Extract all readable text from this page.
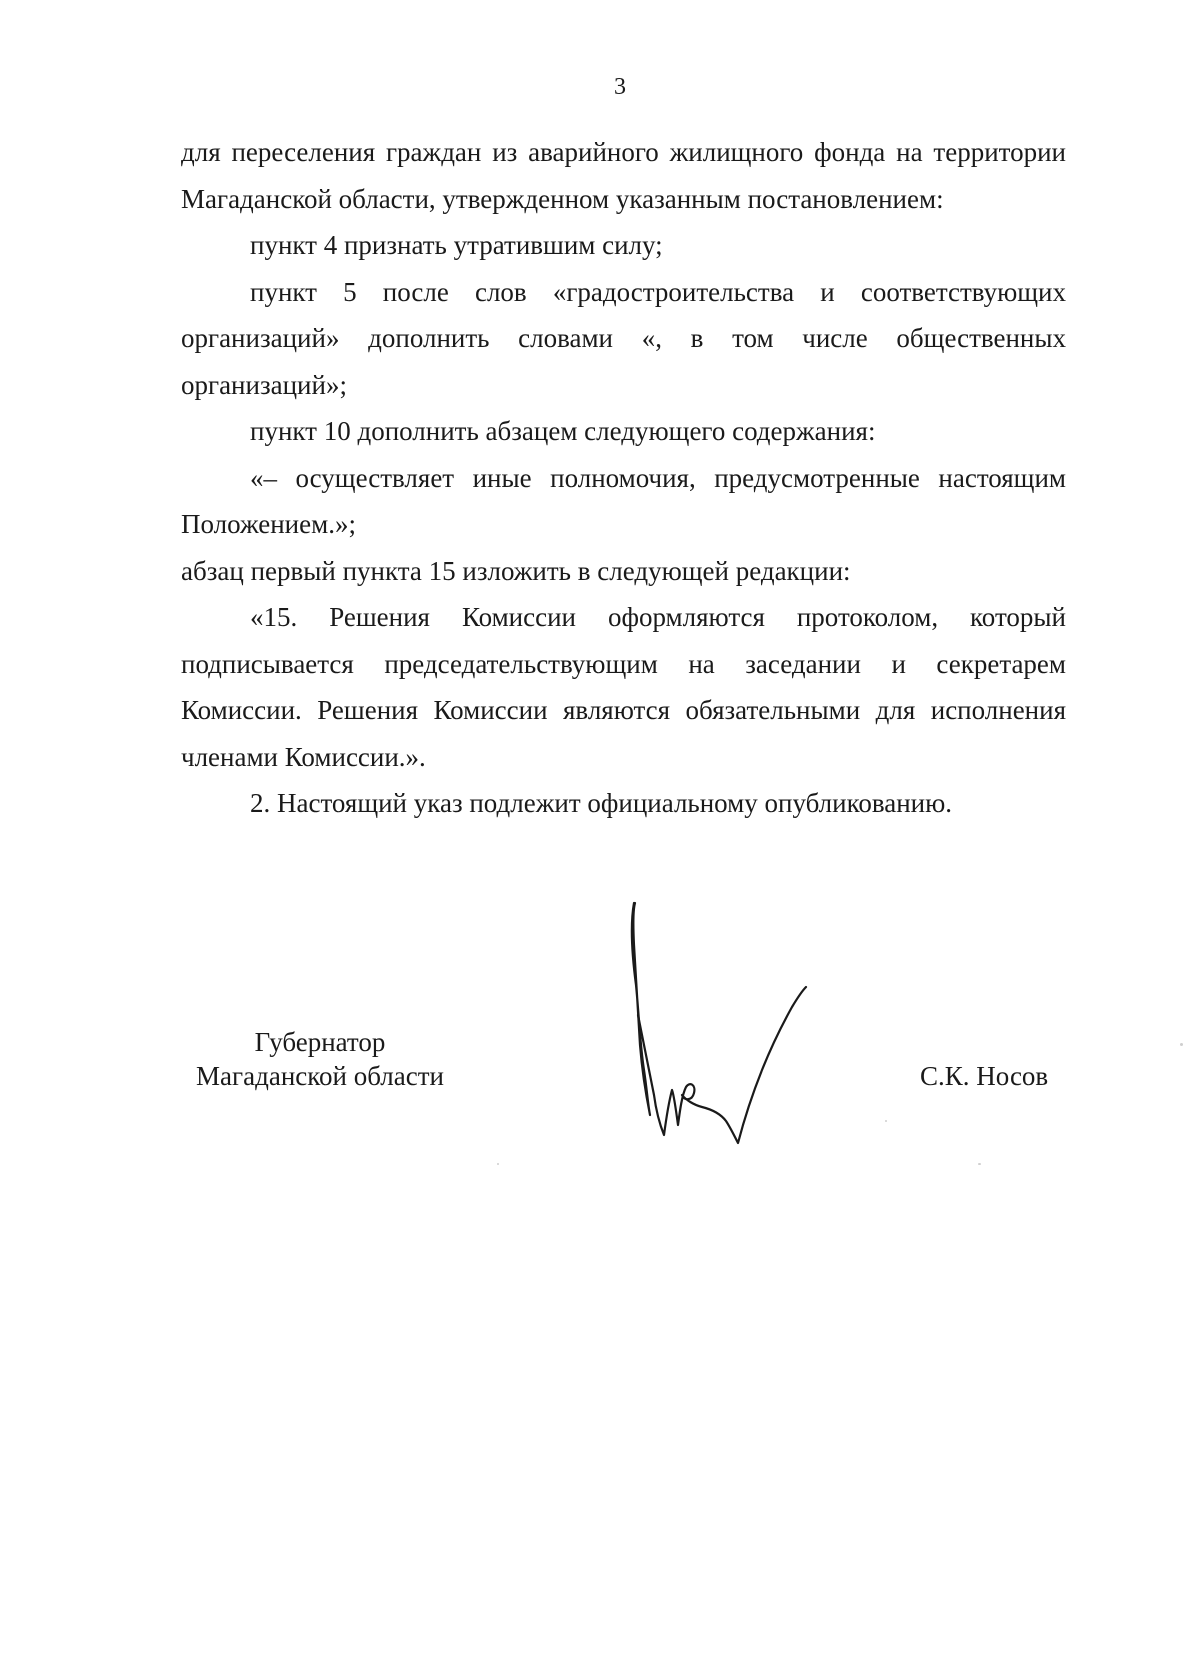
3

для переселения граждан из аварийного жилищного фонда на территории Магаданской области, утвержденном указанным постановлением:

пункт 4 признать утратившим силу;

пункт 5 после слов «градостроительства и соответствующих организаций» дополнить словами «, в том числе общественных организаций»;

пункт 10 дополнить абзацем следующего содержания:

«– осуществляет иные полномочия, предусмотренные настоящим Положением.»;

абзац первый пункта 15 изложить в следующей редакции:

«15. Решения Комиссии оформляются протоколом, который подписывается председательствующим на заседании и секретарем Комиссии. Решения Комиссии являются обязательными для исполнения членами Комиссии.».

2. Настоящий указ подлежит официальному опубликованию.

Губернатор
Магаданской области	С.К. Носов
